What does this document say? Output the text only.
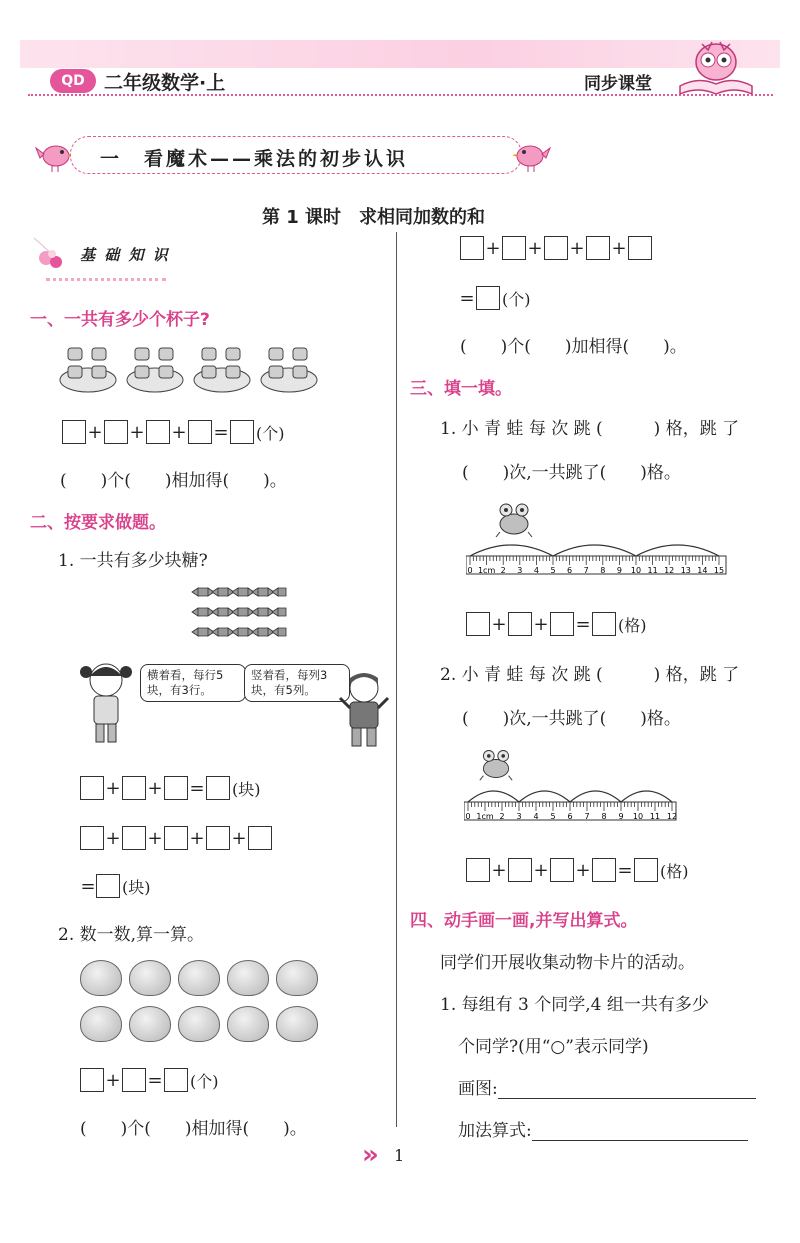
QD	二年级数学·上	同步课堂
一　看魔术——乘法的初步认识
第 1 课时　求相同加数的和
基 础 知 识
一、一共有多少个杯子?
+ + + = (个)
(　　)个(　　)相加得(　　)。
二、按要求做题。
1. 一共有多少块糖?
横着看，每行5块，有3行。
竖着看，每列3块，有5列。
+ + = (块)
+ + + +
= (块)
2. 数一数,算一算。
+ = (个)
(　　)个(　　)相加得(　　)。
+ + + +
= (个)
(　　)个(　　)加相得(　　)。
三、填一填。
1. 小 青 蛙 每 次 跳 (　　　) 格，跳 了
(　　)次,一共跳了(　　)格。
0 1cm 2 3 4 5 6 7 8 9 10 11 12 13 14 15
+ + = (格)
2. 小 青 蛙 每 次 跳 (　　　) 格，跳 了
(　　)次,一共跳了(　　)格。
0 1cm 2 3 4 5 6 7 8 9 10 11 12
+ + + = (格)
四、动手画一画,并写出算式。
同学们开展收集动物卡片的活动。
1. 每组有 3 个同学,4 组一共有多少
个同学?(用“○”表示同学)
画图:
加法算式:
» 1
